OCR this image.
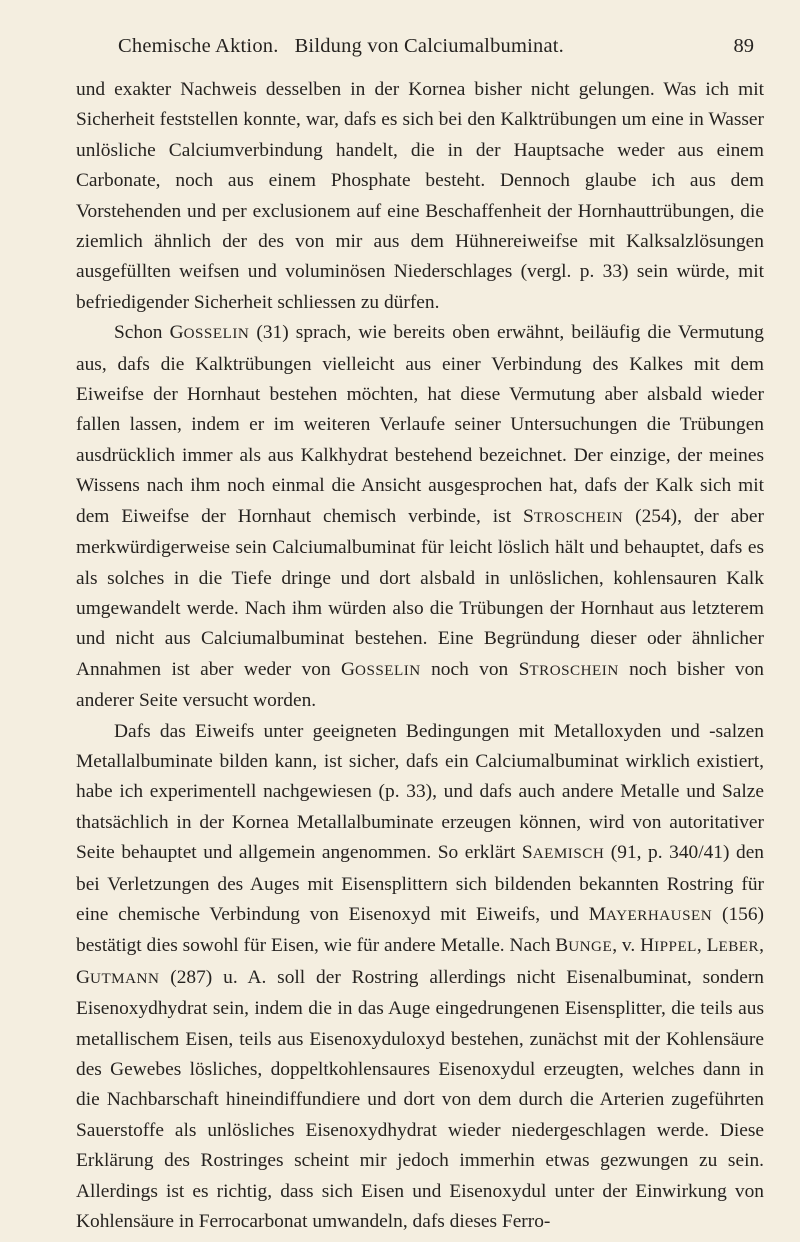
Chemische Aktion. Bildung von Calciumalbuminat.	89

und exakter Nachweis desselben in der Kornea bisher nicht gelungen. Was ich mit Sicherheit feststellen konnte, war, dafs es sich bei den Kalktrübungen um eine in Wasser unlösliche Calciumverbindung handelt, die in der Hauptsache weder aus einem Carbonate, noch aus einem Phosphate besteht. Dennoch glaube ich aus dem Vorstehenden und per exclusionem auf eine Beschaffenheit der Hornhauttrübungen, die ziemlich ähnlich der des von mir aus dem Hühnereiweifse mit Kalksalzlösungen ausgefüllten weifsen und voluminösen Niederschlages (vergl. p. 33) sein würde, mit befriedigender Sicherheit schliessen zu dürfen.

Schon GOSSELIN (31) sprach, wie bereits oben erwähnt, beiläufig die Vermutung aus, dafs die Kalktrübungen vielleicht aus einer Verbindung des Kalkes mit dem Eiweifse der Hornhaut bestehen möchten, hat diese Vermutung aber alsbald wieder fallen lassen, indem er im weiteren Verlaufe seiner Untersuchungen die Trübungen ausdrücklich immer als aus Kalkhydrat bestehend bezeichnet. Der einzige, der meines Wissens nach ihm noch einmal die Ansicht ausgesprochen hat, dafs der Kalk sich mit dem Eiweifse der Hornhaut chemisch verbinde, ist STROSCHEIN (254), der aber merkwürdigerweise sein Calciumalbuminat für leicht löslich hält und behauptet, dafs es als solches in die Tiefe dringe und dort alsbald in unlöslichen, kohlensauren Kalk umgewandelt werde. Nach ihm würden also die Trübungen der Hornhaut aus letzterem und nicht aus Calciumalbuminat bestehen. Eine Begründung dieser oder ähnlicher Annahmen ist aber weder von GOSSELIN noch von STROSCHEIN noch bisher von anderer Seite versucht worden.

Dafs das Eiweifs unter geeigneten Bedingungen mit Metalloxyden und -salzen Metallalbuminate bilden kann, ist sicher, dafs ein Calciumalbuminat wirklich existiert, habe ich experimentell nachgewiesen (p. 33), und dafs auch andere Metalle und Salze thatsächlich in der Kornea Metallalbuminate erzeugen können, wird von autoritativer Seite behauptet und allgemein angenommen. So erklärt SAEMISCH (91, p. 340/41) den bei Verletzungen des Auges mit Eisensplittern sich bildenden bekannten Rostring für eine chemische Verbindung von Eisenoxyd mit Eiweifs, und MAYERHAUSEN (156) bestätigt dies sowohl für Eisen, wie für andere Metalle. Nach BUNGE, v. HIPPEL, LEBER, GUTMANN (287) u. A. soll der Rostring allerdings nicht Eisenalbuminat, sondern Eisenoxydhydrat sein, indem die in das Auge eingedrungenen Eisensplitter, die teils aus metallischem Eisen, teils aus Eisenoxyduloxyd bestehen, zunächst mit der Kohlensäure des Gewebes lösliches, doppeltkohlensaures Eisenoxydul erzeugten, welches dann in die Nachbarschaft hineindiffundiere und dort von dem durch die Arterien zugeführten Sauerstoffe als unlösliches Eisenoxydhydrat wieder niedergeschlagen werde. Diese Erklärung des Rostringes scheint mir jedoch immerhin etwas gezwungen zu sein. Allerdings ist es richtig, dass sich Eisen und Eisenoxydul unter der Einwirkung von Kohlensäure in Ferrocarbonat umwandeln, dafs dieses Ferro-
